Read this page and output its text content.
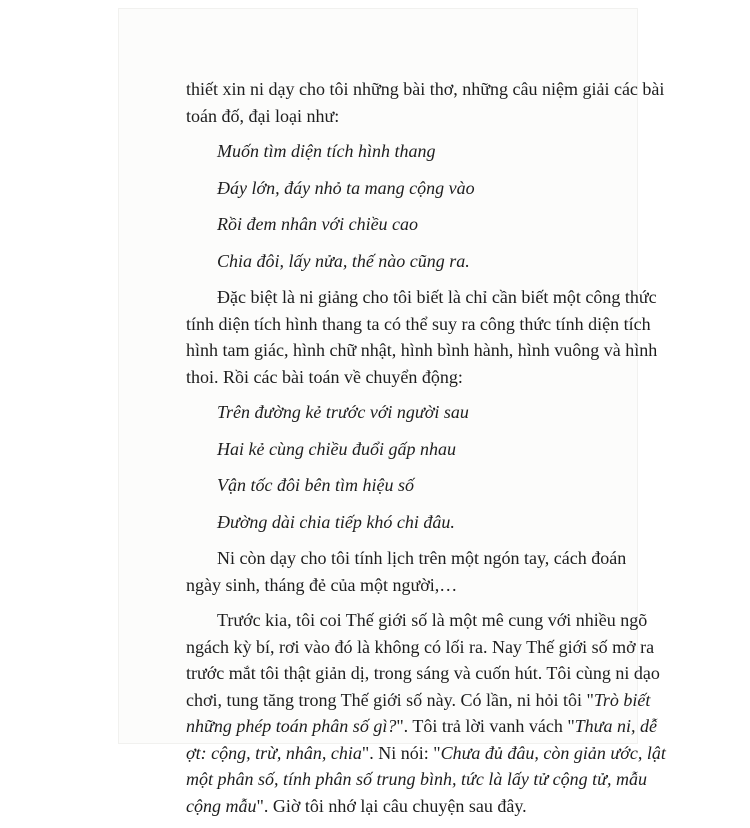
thiết xin ni dạy cho tôi những bài thơ, những câu niệm giải các bài
toán đố, đại loại như:

Muốn tìm diện tích hình thang
Đáy lớn, đáy nhỏ ta mang cộng vào
Rồi đem nhân với chiều cao
Chia đôi, lấy nửa, thế nào cũng ra.

Đặc biệt là ni giảng cho tôi biết là chỉ cần biết một công thức
tính diện tích hình thang ta có thể suy ra công thức tính diện tích
hình tam giác, hình chữ nhật, hình bình hành, hình vuông và hình
thoi. Rồi các bài toán về chuyển động:

Trên đường kẻ trước với người sau
Hai kẻ cùng chiều đuổi gấp nhau
Vận tốc đôi bên tìm hiệu số
Đường dài chia tiếp khó chi đâu.

Ni còn dạy cho tôi tính lịch trên một ngón tay, cách đoán
ngày sinh, tháng đẻ của một người,…

Trước kia, tôi coi Thế giới số là một mê cung với nhiều ngõ
ngách kỳ bí, rơi vào đó là không có lối ra. Nay Thế giới số mở ra
trước mắt tôi thật giản dị, trong sáng và cuốn hút. Tôi cùng ni dạo
chơi, tung tăng trong Thế giới số này. Có lần, ni hỏi tôi "Trò biết
những phép toán phân số gì?". Tôi trả lời vanh vách "Thưa ni, dễ
ợt: cộng, trừ, nhân, chia". Ni nói: "Chưa đủ đâu, còn giản ước, lật
một phân số, tính phân số trung bình, tức là lấy tử cộng tử, mẫu
cộng mẫu". Giờ tôi nhớ lại câu chuyện sau đây.
